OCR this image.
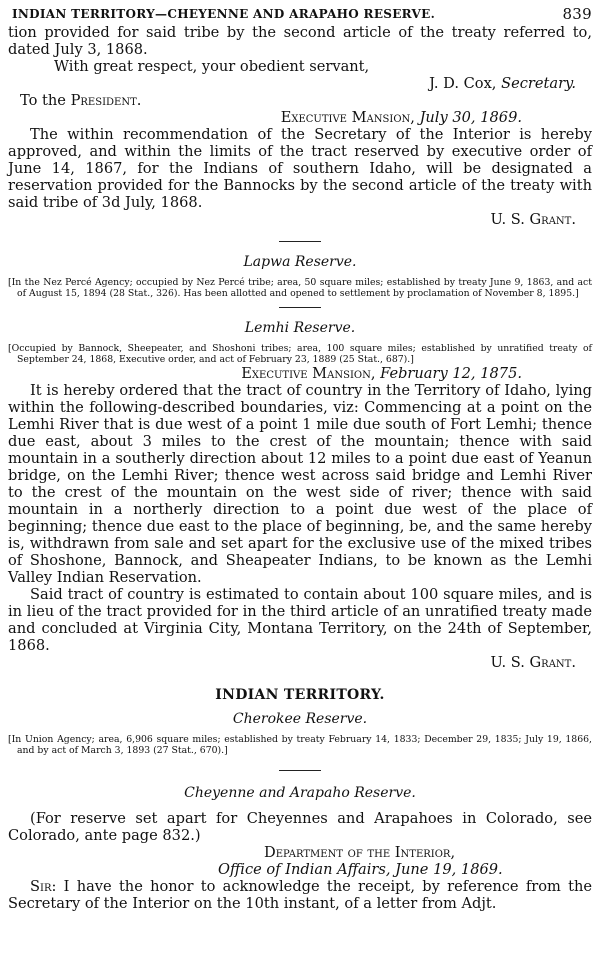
INDIAN TERRITORY—CHEYENNE AND ARAPAHO RESERVE.	839

tion provided for said tribe by the second article of the treaty referred to, dated July 3, 1868.

With great respect, your obedient servant,

J. D. Cox, Secretary.

To the President.

Executive Mansion, July 30, 1869.

The within recommendation of the Secretary of the Interior is hereby approved, and within the limits of the tract reserved by executive order of June 14, 1867, for the Indians of southern Idaho, will be designated a reservation provided for the Bannocks by the second article of the treaty with said tribe of 3d July, 1868.

U. S. Grant.

Lapwa Reserve.

[In the Nez Percé Agency; occupied by Nez Percé tribe; area, 50 square miles; established by treaty June 9, 1863, and act of August 15, 1894 (28 Stat., 326). Has been allotted and opened to settlement by proclamation of November 8, 1895.]

Lemhi Reserve.

[Occupied by Bannock, Sheepeater, and Shoshoni tribes; area, 100 square miles; established by unratified treaty of September 24, 1868, Executive order, and act of February 23, 1889 (25 Stat., 687).]

Executive Mansion, February 12, 1875.

It is hereby ordered that the tract of country in the Territory of Idaho, lying within the following-described boundaries, viz: Commencing at a point on the Lemhi River that is due west of a point 1 mile due south of Fort Lemhi; thence due east, about 3 miles to the crest of the mountain; thence with said mountain in a southerly direction about 12 miles to a point due east of Yeanun bridge, on the Lemhi River; thence west across said bridge and Lemhi River to the crest of the mountain on the west side of river; thence with said mountain in a northerly direction to a point due west of the place of beginning; thence due east to the place of beginning, be, and the same hereby is, withdrawn from sale and set apart for the exclusive use of the mixed tribes of Shoshone, Bannock, and Sheapeater Indians, to be known as the Lemhi Valley Indian Reservation.

Said tract of country is estimated to contain about 100 square miles, and is in lieu of the tract provided for in the third article of an unratified treaty made and concluded at Virginia City, Montana Territory, on the 24th of September, 1868.

U. S. Grant.

INDIAN TERRITORY.

Cherokee Reserve.

[In Union Agency; area, 6,906 square miles; established by treaty February 14, 1833; December 29, 1835; July 19, 1866, and by act of March 3, 1893 (27 Stat., 670).]

Cheyenne and Arapaho Reserve.

(For reserve set apart for Cheyennes and Arapahoes in Colorado, see Colorado, ante page 832.)

Department of the Interior,

Office of Indian Affairs, June 19, 1869.

Sir: I have the honor to acknowledge the receipt, by reference from the Secretary of the Interior on the 10th instant, of a letter from Adjt.
